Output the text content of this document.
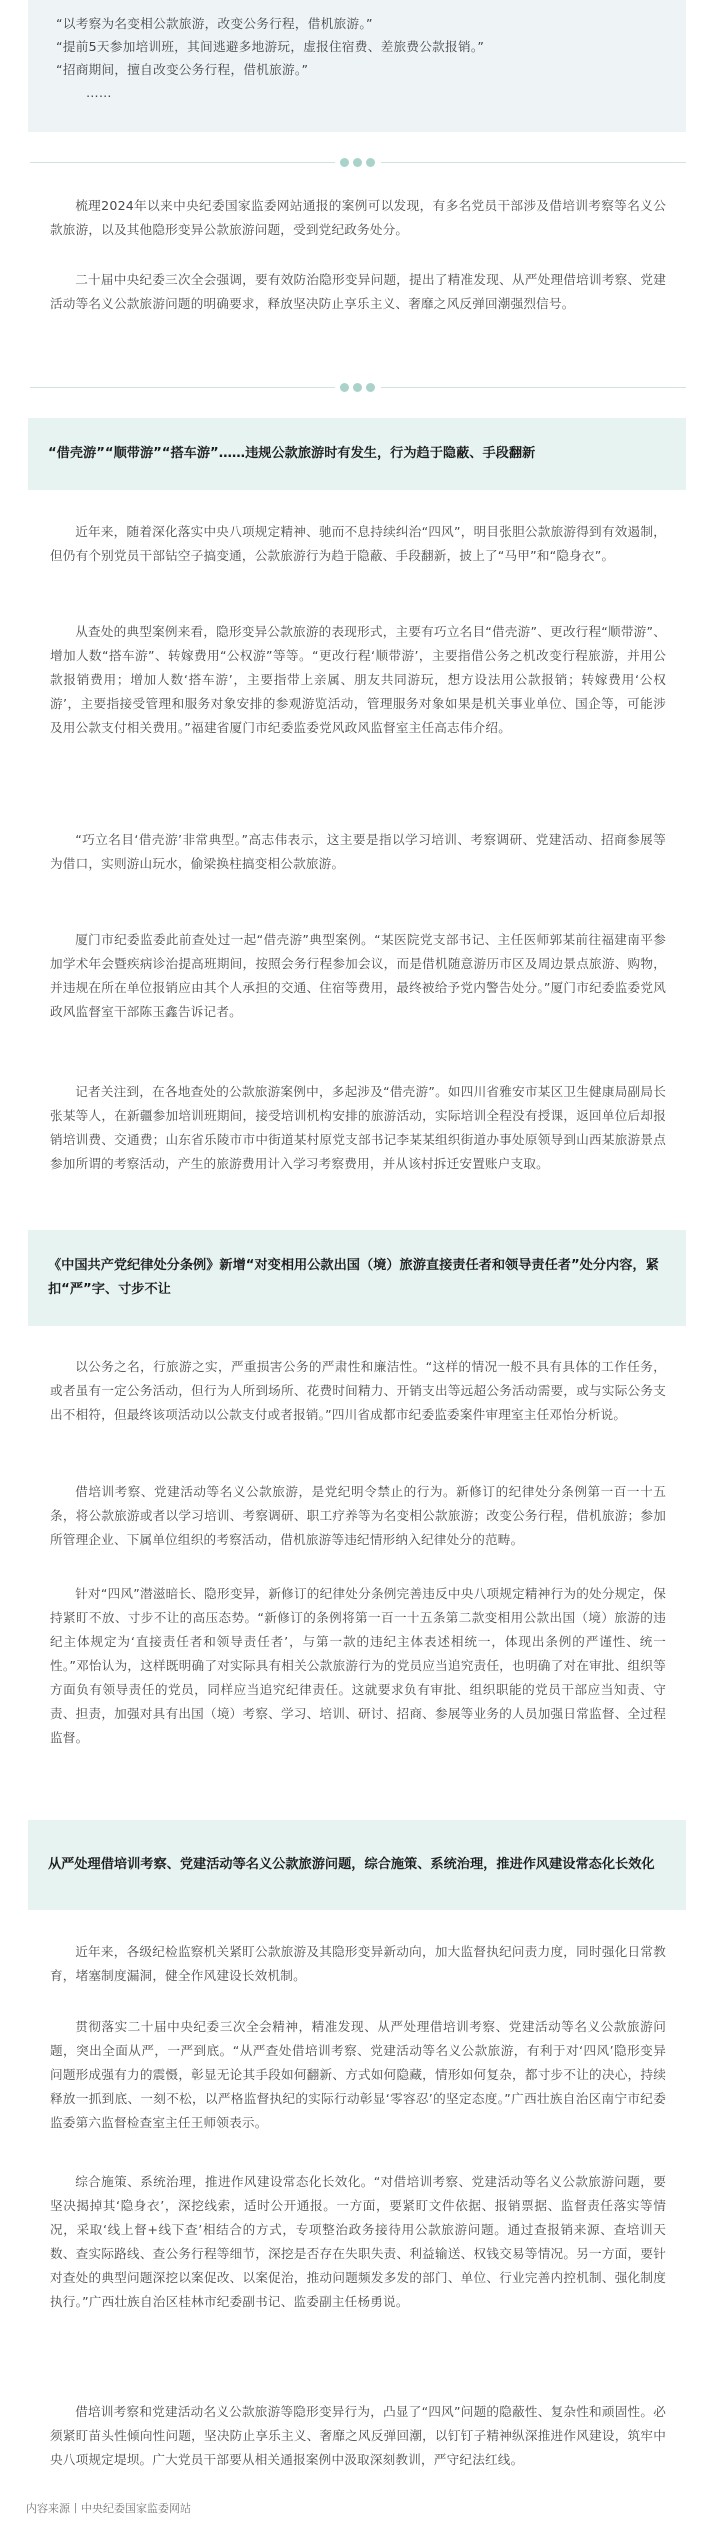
“以考察为名变相公款旅游，改变公务行程，借机旅游。”

“提前5天参加培训班，其间逃避多地游玩，虚报住宿费、差旅费公款报销。”

“招商期间，擅自改变公务行程，借机旅游。”

……

梳理2024年以来中央纪委国家监委网站通报的案例可以发现，有多名党员干部涉及借培训考察等名义公款旅游，以及其他隐形变异公款旅游问题，受到党纪政务处分。

二十届中央纪委三次全会强调，要有效防治隐形变异问题，提出了精准发现、从严处理借培训考察、党建活动等名义公款旅游问题的明确要求，释放坚决防止享乐主义、奢靡之风反弹回潮强烈信号。

“借壳游”“顺带游”“搭车游”……违规公款旅游时有发生，行为趋于隐蔽、手段翻新

近年来，随着深化落实中央八项规定精神、驰而不息持续纠治“四风”，明目张胆公款旅游得到有效遏制，但仍有个别党员干部钻空子搞变通，公款旅游行为趋于隐蔽、手段翻新，披上了“马甲”和“隐身衣”。

从查处的典型案例来看，隐形变异公款旅游的表现形式，主要有巧立名目“借壳游”、更改行程“顺带游”、增加人数“搭车游”、转嫁费用“公权游”等等。“更改行程‘顺带游’，主要指借公务之机改变行程旅游，并用公款报销费用；增加人数‘搭车游’，主要指带上亲属、朋友共同游玩，想方设法用公款报销；转嫁费用‘公权游’，主要指接受管理和服务对象安排的参观游览活动，管理服务对象如果是机关事业单位、国企等，可能涉及用公款支付相关费用。”福建省厦门市纪委监委党风政风监督室主任高志伟介绍。

“巧立名目‘借壳游’非常典型。”高志伟表示，这主要是指以学习培训、考察调研、党建活动、招商参展等为借口，实则游山玩水，偷梁换柱搞变相公款旅游。

厦门市纪委监委此前查处过一起“借壳游”典型案例。“某医院党支部书记、主任医师郭某前往福建南平参加学术年会暨疾病诊治提高班期间，按照会务行程参加会议，而是借机随意游历市区及周边景点旅游、购物，并违规在所在单位报销应由其个人承担的交通、住宿等费用，最终被给予党内警告处分。”厦门市纪委监委党风政风监督室干部陈玉鑫告诉记者。

记者关注到，在各地查处的公款旅游案例中，多起涉及“借壳游”。如四川省雅安市某区卫生健康局副局长张某等人，在新疆参加培训班期间，接受培训机构安排的旅游活动，实际培训全程没有授课，返回单位后却报销培训费、交通费；山东省乐陵市市中街道某村原党支部书记李某某组织街道办事处原领导到山西某旅游景点参加所谓的考察活动，产生的旅游费用计入学习考察费用，并从该村拆迁安置账户支取。

《中国共产党纪律处分条例》新增“对变相用公款出国（境）旅游直接责任者和领导责任者”处分内容，紧扣“严”字、寸步不让

以公务之名，行旅游之实，严重损害公务的严肃性和廉洁性。“这样的情况一般不具有具体的工作任务，或者虽有一定公务活动，但行为人所到场所、花费时间精力、开销支出等远超公务活动需要，或与实际公务支出不相符，但最终该项活动以公款支付或者报销。”四川省成都市纪委监委案件审理室主任邓怡分析说。

借培训考察、党建活动等名义公款旅游，是党纪明令禁止的行为。新修订的纪律处分条例第一百一十五条，将公款旅游或者以学习培训、考察调研、职工疗养等为名变相公款旅游；改变公务行程，借机旅游；参加所管理企业、下属单位组织的考察活动，借机旅游等违纪情形纳入纪律处分的范畴。

针对“四风”潜滋暗长、隐形变异，新修订的纪律处分条例完善违反中央八项规定精神行为的处分规定，保持紧盯不放、寸步不让的高压态势。“新修订的条例将第一百一十五条第二款变相用公款出国（境）旅游的违纪主体规定为‘直接责任者和领导责任者’，与第一款的违纪主体表述相统一，体现出条例的严谨性、统一性。”邓怡认为，这样既明确了对实际具有相关公款旅游行为的党员应当追究责任，也明确了对在审批、组织等方面负有领导责任的党员，同样应当追究纪律责任。这就要求负有审批、组织职能的党员干部应当知责、守责、担责，加强对具有出国（境）考察、学习、培训、研讨、招商、参展等业务的人员加强日常监督、全过程监督。

从严处理借培训考察、党建活动等名义公款旅游问题，综合施策、系统治理，推进作风建设常态化长效化

近年来，各级纪检监察机关紧盯公款旅游及其隐形变异新动向，加大监督执纪问责力度，同时强化日常教育，堵塞制度漏洞，健全作风建设长效机制。

贯彻落实二十届中央纪委三次全会精神，精准发现、从严处理借培训考察、党建活动等名义公款旅游问题，突出全面从严，一严到底。“从严查处借培训考察、党建活动等名义公款旅游，有利于对‘四风’隐形变异问题形成强有力的震慑，彰显无论其手段如何翻新、方式如何隐藏，情形如何复杂，都寸步不让的决心，持续释放一抓到底、一刻不松，以严格监督执纪的实际行动彰显‘零容忍’的坚定态度。”广西壮族自治区南宁市纪委监委第六监督检查室主任王师领表示。

综合施策、系统治理，推进作风建设常态化长效化。“对借培训考察、党建活动等名义公款旅游问题，要坚决揭掉其‘隐身衣’，深挖线索，适时公开通报。一方面，要紧盯文件依据、报销票据、监督责任落实等情况，采取‘线上督+线下查’相结合的方式，专项整治政务接待用公款旅游问题。通过查报销来源、查培训天数、查实际路线、查公务行程等细节，深挖是否存在失职失责、利益输送、权钱交易等情况。另一方面，要针对查处的典型问题深挖以案促改、以案促治，推动问题频发多发的部门、单位、行业完善内控机制、强化制度执行。”广西壮族自治区桂林市纪委副书记、监委副主任杨勇说。

借培训考察和党建活动名义公款旅游等隐形变异行为，凸显了“四风”问题的隐蔽性、复杂性和顽固性。必须紧盯苗头性倾向性问题，坚决防止享乐主义、奢靡之风反弹回潮，以钉钉子精神纵深推进作风建设，筑牢中央八项规定堤坝。广大党员干部要从相关通报案例中汲取深刻教训，严守纪法红线。

内容来源丨中央纪委国家监委网站
